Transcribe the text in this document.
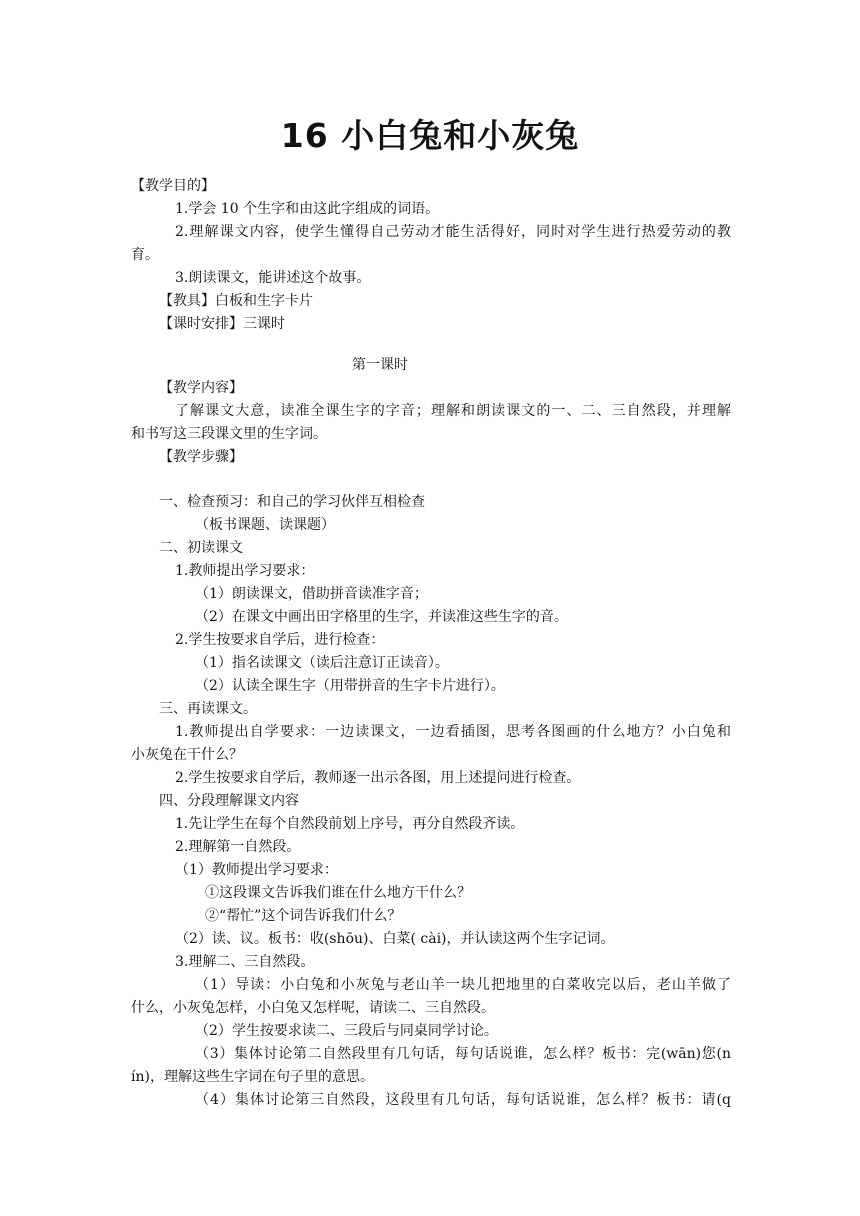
16 小白兔和小灰兔
【教学目的】
1.学会 10 个生字和由这此字组成的词语。
2.理解课文内容，使学生懂得自己劳动才能生活得好，同时对学生进行热爱劳动的教
育。
3.朗读课文，能讲述这个故事。
【教具】白板和生字卡片
【课时安排】三课时
第一课时
【教学内容】
了解课文大意，读准全课生字的字音；理解和朗读课文的一、二、三自然段，并理解
和书写这三段课文里的生字词。
【教学步骤】
一、检查预习：和自己的学习伙伴互相检查
（板书课题、读课题）
二、初读课文
1.教师提出学习要求：
（1）朗读课文，借助拼音读准字音；
（2）在课文中画出田字格里的生字，并读准这些生字的音。
2.学生按要求自学后，进行检查：
（1）指名读课文（读后注意订正读音）。
（2）认读全课生字（用带拼音的生字卡片进行）。
三、再读课文。
1.教师提出自学要求：一边读课文，一边看插图，思考各图画的什么地方？小白兔和
小灰兔在干什么？
2.学生按要求自学后，教师逐一出示各图，用上述提问进行检查。
四、分段理解课文内容
1.先让学生在每个自然段前划上序号，再分自然段齐读。
2.理解第一自然段。
（1）教师提出学习要求：
①这段课文告诉我们谁在什么地方干什么？
②“帮忙”这个词告诉我们什么？
（2）读、议。板书：收(shōu)、白菜( cài)，并认读这两个生字记词。
3.理解二、三自然段。
（1）导读：小白兔和小灰兔与老山羊一块儿把地里的白菜收完以后，老山羊做了
什么，小灰兔怎样，小白兔又怎样呢，请读二、三自然段。
（2）学生按要求读二、三段后与同桌同学讨论。
（3）集体讨论第二自然段里有几句话，每句话说谁，怎么样？板书：完(wān)您(n
ín)，理解这些生字词在句子里的意思。
（4）集体讨论第三自然段，这段里有几句话，每句话说谁，怎么样？板书：请(q
